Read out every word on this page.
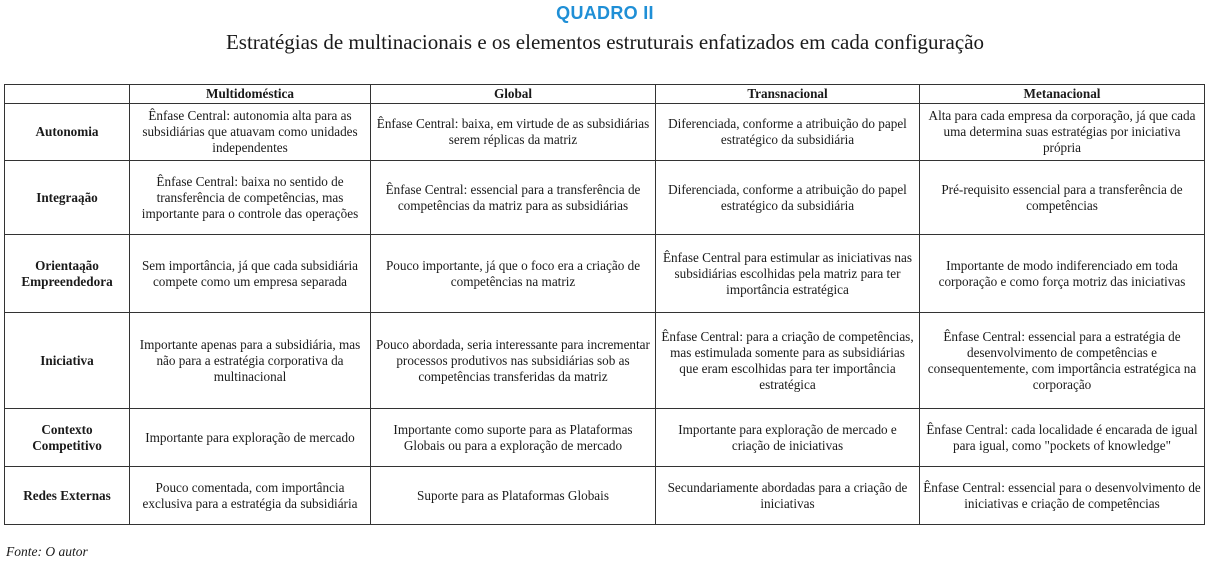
QUADRO II
Estratégias de multinacionais e os elementos estruturais enfatizados em cada configuração
	Multidoméstica	Global	Transnacional	Metanacional
Autonomia	Ênfase Central: autonomia alta para as subsidiárias que atuavam como unidades independentes	Ênfase Central: baixa, em virtude de as subsidiárias serem réplicas da matriz	Diferenciada, conforme a atribuição do papel estratégico da subsidiária	Alta para cada empresa da corporação, já que cada uma determina suas estratégias por iniciativa própria
Integraąão	Ênfase Central: baixa no sentido de transferência de competências, mas importante para o controle das operações	Ênfase Central: essencial para a transferência de competências da matriz para as subsidiárias	Diferenciada, conforme a atribuição do papel estratégico da subsidiária	Pré-requisito essencial para a transferência de competências
Orientaąão Empreendedora	Sem importância, já que cada subsidiária compete como um empresa separada	Pouco importante, já que o foco era a criação de competências na matriz	Ênfase Central para estimular as iniciativas nas subsidiárias escolhidas pela matriz para ter importância estratégica	Importante de modo indiferenciado em toda corporação e como força motriz das iniciativas
Iniciativa	Importante apenas para a subsidiária, mas não para a estratégia corporativa da multinacional	Pouco abordada, seria interessante para incrementar processos produtivos nas subsidiárias sob as competências transferidas da matriz	Ênfase Central: para a criação de competências, mas estimulada somente para as subsidiárias que eram escolhidas para ter importância estratégica	Ênfase Central: essencial para a estratégia de desenvolvimento de competências e consequentemente, com importância estratégica na corporação
Contexto Competitivo	Importante para exploração de mercado	Importante como suporte para as Plataformas Globais ou para a exploração de mercado	Importante para exploração de mercado e criação de iniciativas	Ênfase Central: cada localidade é encarada de igual para igual, como "pockets of knowledge"
Redes Externas	Pouco comentada, com importância exclusiva para a estratégia da subsidiária	Suporte para as Plataformas Globais	Secundariamente abordadas para a criação de iniciativas	Ênfase Central: essencial para o desenvolvimento de iniciativas e criação de competências
Fonte: O autor
